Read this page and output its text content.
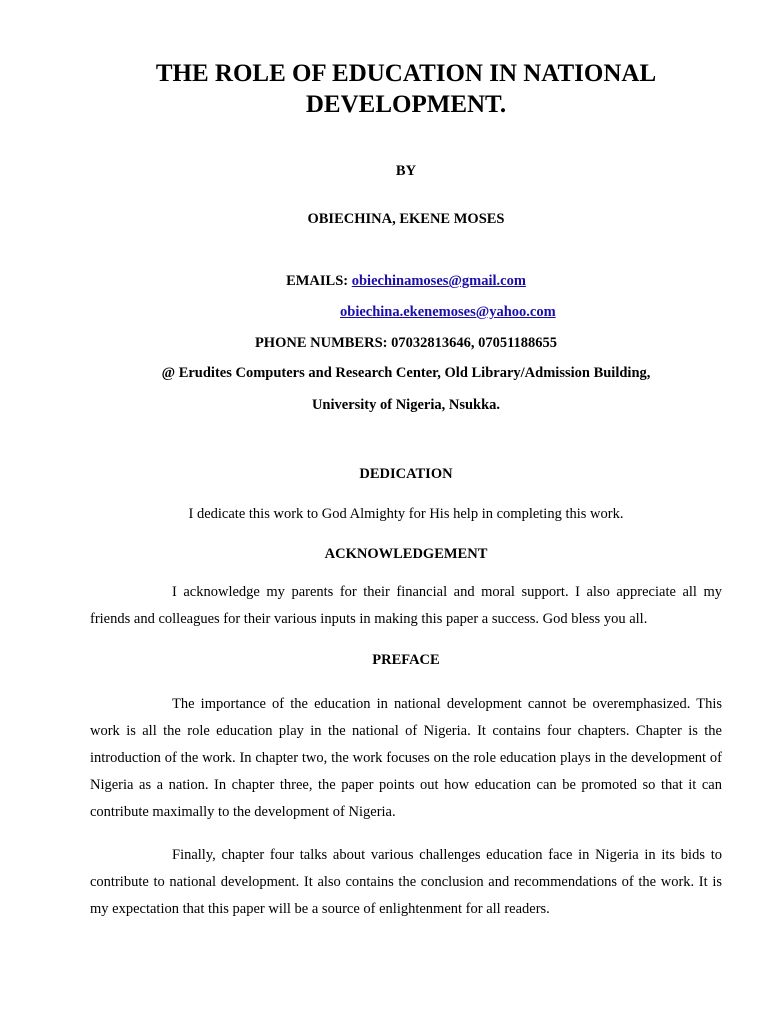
THE ROLE OF EDUCATION IN NATIONAL
DEVELOPMENT.

BY

OBIECHINA, EKENE MOSES

EMAILS: obiechinamoses@gmail.com

obiechina.ekenemoses@yahoo.com

PHONE NUMBERS: 07032813646, 07051188655

@ Erudites Computers and Research Center, Old Library/Admission Building,

University of Nigeria, Nsukka.

DEDICATION

I dedicate this work to God Almighty for His help in completing this work.

ACKNOWLEDGEMENT

I acknowledge my parents for their financial and moral support. I also appreciate all my friends and colleagues for their various inputs in making this paper a success. God bless you all.

PREFACE

The importance of the education in national development cannot be overemphasized. This work is all the role education play in the national of Nigeria. It contains four chapters. Chapter is the introduction of the work. In chapter two, the work focuses on the role education plays in the development of Nigeria as a nation. In chapter three, the paper points out how education can be promoted so that it can contribute maximally to the development of Nigeria.

Finally, chapter four talks about various challenges education face in Nigeria in its bids to contribute to national development. It also contains the conclusion and recommendations of the work. It is my expectation that this paper will be a source of enlightenment for all readers.
